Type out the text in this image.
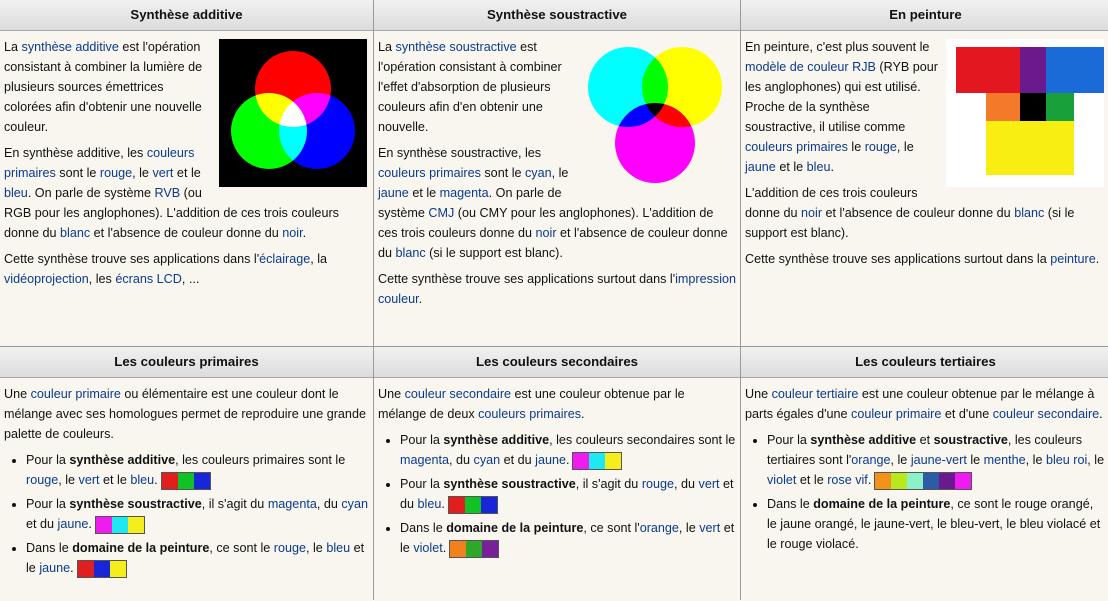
Synthèse additive

La synthèse additive est l'opération consistant à combiner la lumière de plusieurs sources émettrices colorées afin d'obtenir une nouvelle couleur.

En synthèse additive, les couleurs primaires sont le rouge, le vert et le bleu. On parle de système RVB (ou RGB pour les anglophones). L'addition de ces trois couleurs donne du blanc et l'absence de couleur donne du noir.

Cette synthèse trouve ses applications dans l'éclairage, la vidéoprojection, les écrans LCD, ...

Synthèse soustractive

La synthèse soustractive est l'opération consistant à combiner l'effet d'absorption de plusieurs couleurs afin d'en obtenir une nouvelle.

En synthèse soustractive, les couleurs primaires sont le cyan, le jaune et le magenta. On parle de système CMJ (ou CMY pour les anglophones). L'addition de ces trois couleurs donne du noir et l'absence de couleur donne du blanc (si le support est blanc).

Cette synthèse trouve ses applications surtout dans l'impression couleur.

En peinture

En peinture, c'est plus souvent le modèle de couleur RJB (RYB pour les anglophones) qui est utilisé. Proche de la synthèse soustractive, il utilise comme couleurs primaires le rouge, le jaune et le bleu.

L'addition de ces trois couleurs donne du noir et l'absence de couleur donne du blanc (si le support est blanc).

Cette synthèse trouve ses applications surtout dans la peinture.

Les couleurs primaires

Une couleur primaire ou élémentaire est une couleur dont le mélange avec ses homologues permet de reproduire une grande palette de couleurs.

• Pour la synthèse additive, les couleurs primaires sont le rouge, le vert et le bleu.
• Pour la synthèse soustractive, il s'agit du magenta, du cyan et du jaune.
• Dans le domaine de la peinture, ce sont le rouge, le bleu et le jaune.
Les couleurs secondaires

Une couleur secondaire est une couleur obtenue par le mélange de deux couleurs primaires.

• Pour la synthèse additive, les couleurs secondaires sont le magenta, du cyan et du jaune.
• Pour la synthèse soustractive, il s'agit du rouge, du vert et du bleu.
• Dans le domaine de la peinture, ce sont l'orange, le vert et le violet.
Les couleurs tertiaires

Une couleur tertiaire est une couleur obtenue par le mélange à parts égales d'une couleur primaire et d'une couleur secondaire.

• Pour la synthèse additive et soustractive, les couleurs tertiaires sont l'orange, le jaune-vert le menthe, le bleu roi, le violet et le rose vif.
• Dans le domaine de la peinture, ce sont le rouge orangé, le jaune orangé, le jaune-vert, le bleu-vert, le bleu violacé et le rouge violacé.
